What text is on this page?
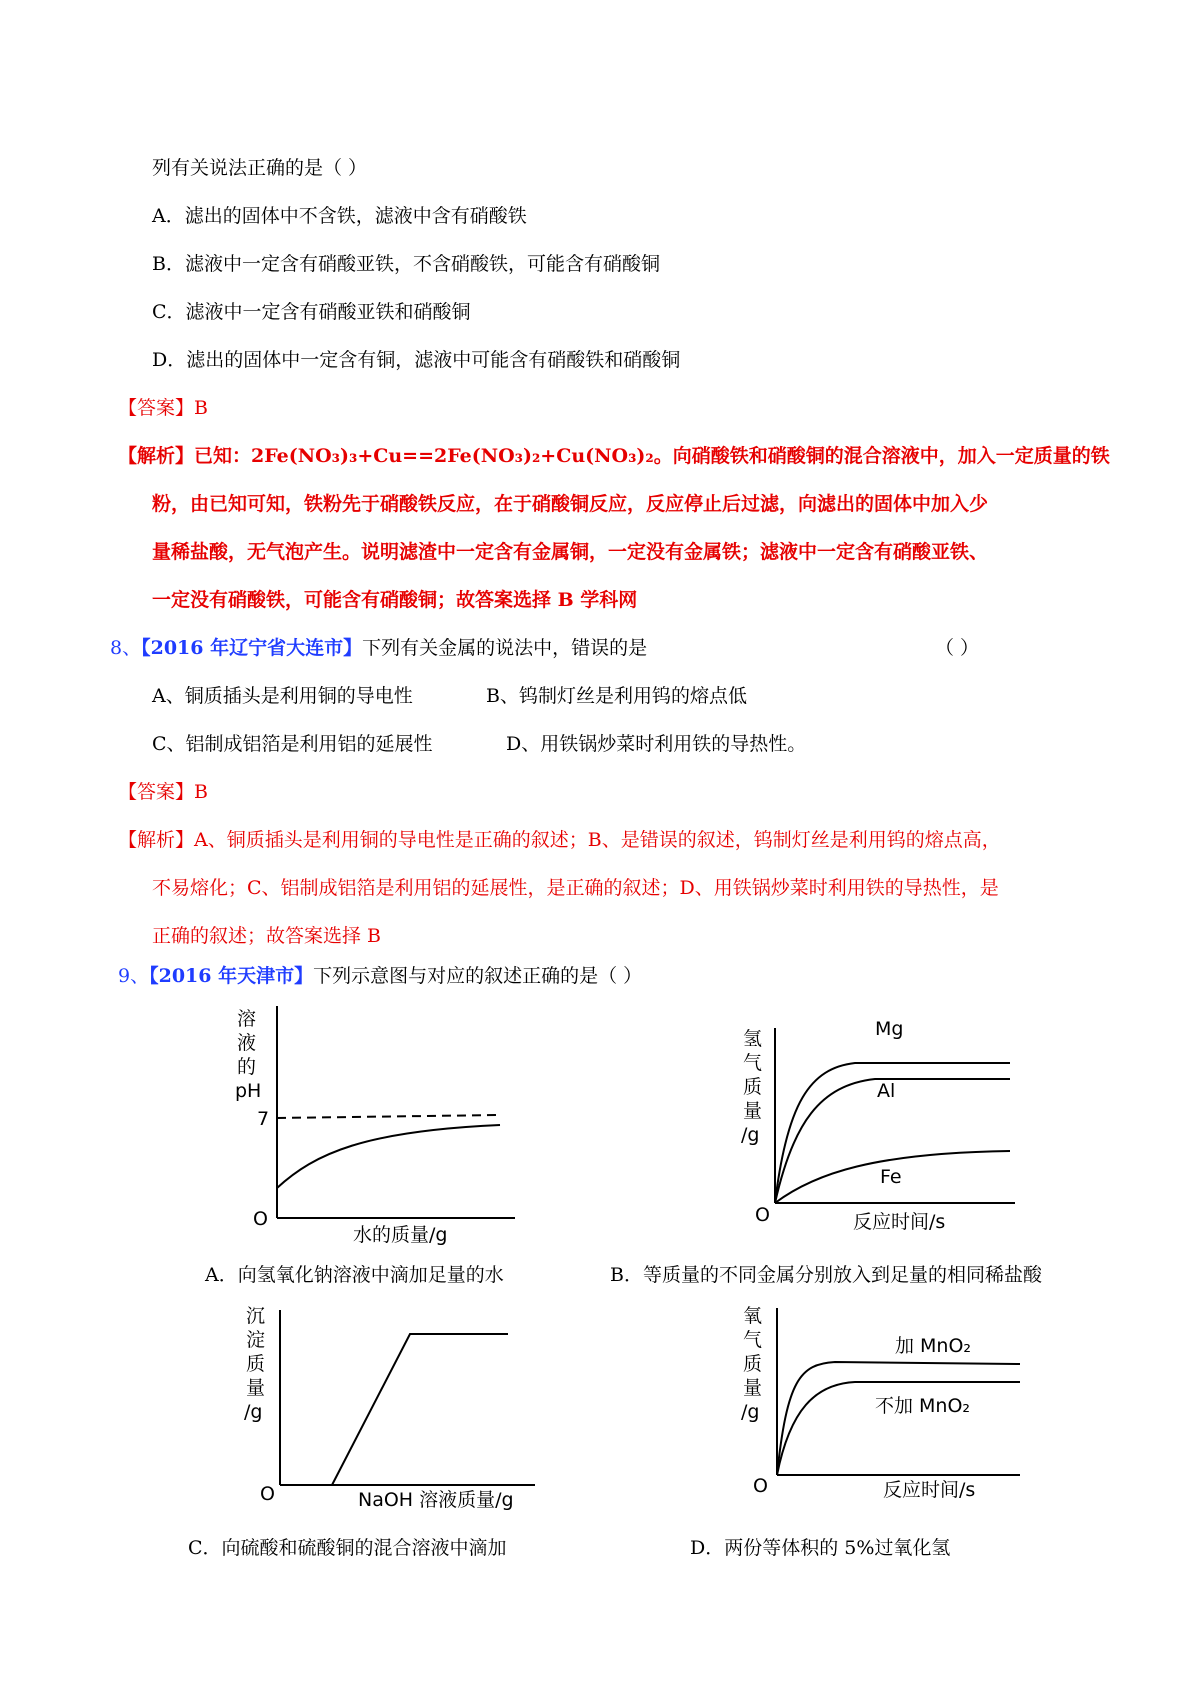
列有关说法正确的是（ ）
A．滤出的固体中不含铁，滤液中含有硝酸铁
B．滤液中一定含有硝酸亚铁，不含硝酸铁，可能含有硝酸铜
C．滤液中一定含有硝酸亚铁和硝酸铜
D．滤出的固体中一定含有铜，滤液中可能含有硝酸铁和硝酸铜
【答案】B
【解析】已知：2Fe(NO₃)₃+Cu==2Fe(NO₃)₂+Cu(NO₃)₂。向硝酸铁和硝酸铜的混合溶液中，加入一定质量的铁
粉，由已知可知，铁粉先于硝酸铁反应，在于硝酸铜反应，反应停止后过滤，向滤出的固体中加入少
量稀盐酸，无气泡产生。说明滤渣中一定含有金属铜，一定没有金属铁；滤液中一定含有硝酸亚铁、
一定没有硝酸铁，可能含有硝酸铜；故答案选择 B 学科网
8、【2016 年辽宁省大连市】下列有关金属的说法中，错误的是	（ ）
A、铜质插头是利用铜的导电性	B、钨制灯丝是利用钨的熔点低
C、铝制成铝箔是利用铝的延展性	D、用铁锅炒菜时利用铁的导热性。
【答案】B
【解析】A、铜质插头是利用铜的导电性是正确的叙述；B、是错误的叙述，钨制灯丝是利用钨的熔点高，
不易熔化；C、铝制成铝箔是利用铝的延展性，是正确的叙述；D、用铁锅炒菜时利用铁的导热性，是
正确的叙述；故答案选择 B
9、【2016 年天津市】下列示意图与对应的叙述正确的是（ ）
溶
液
的
pH
7
O
水的质量/g
氢
气
质
量
/g
O	反应时间/s
Mg
Al
Fe
A．向氢氧化钠溶液中滴加足量的水	B．等质量的不同金属分别放入到足量的相同稀盐酸
沉
淀
质
量
/g
O	NaOH 溶液质量/g
氧
气
质
量
/g
O	反应时间/s
加 MnO₂
不加 MnO₂
C．向硫酸和硫酸铜的混合溶液中滴加	D．两份等体积的 5%过氧化氢
